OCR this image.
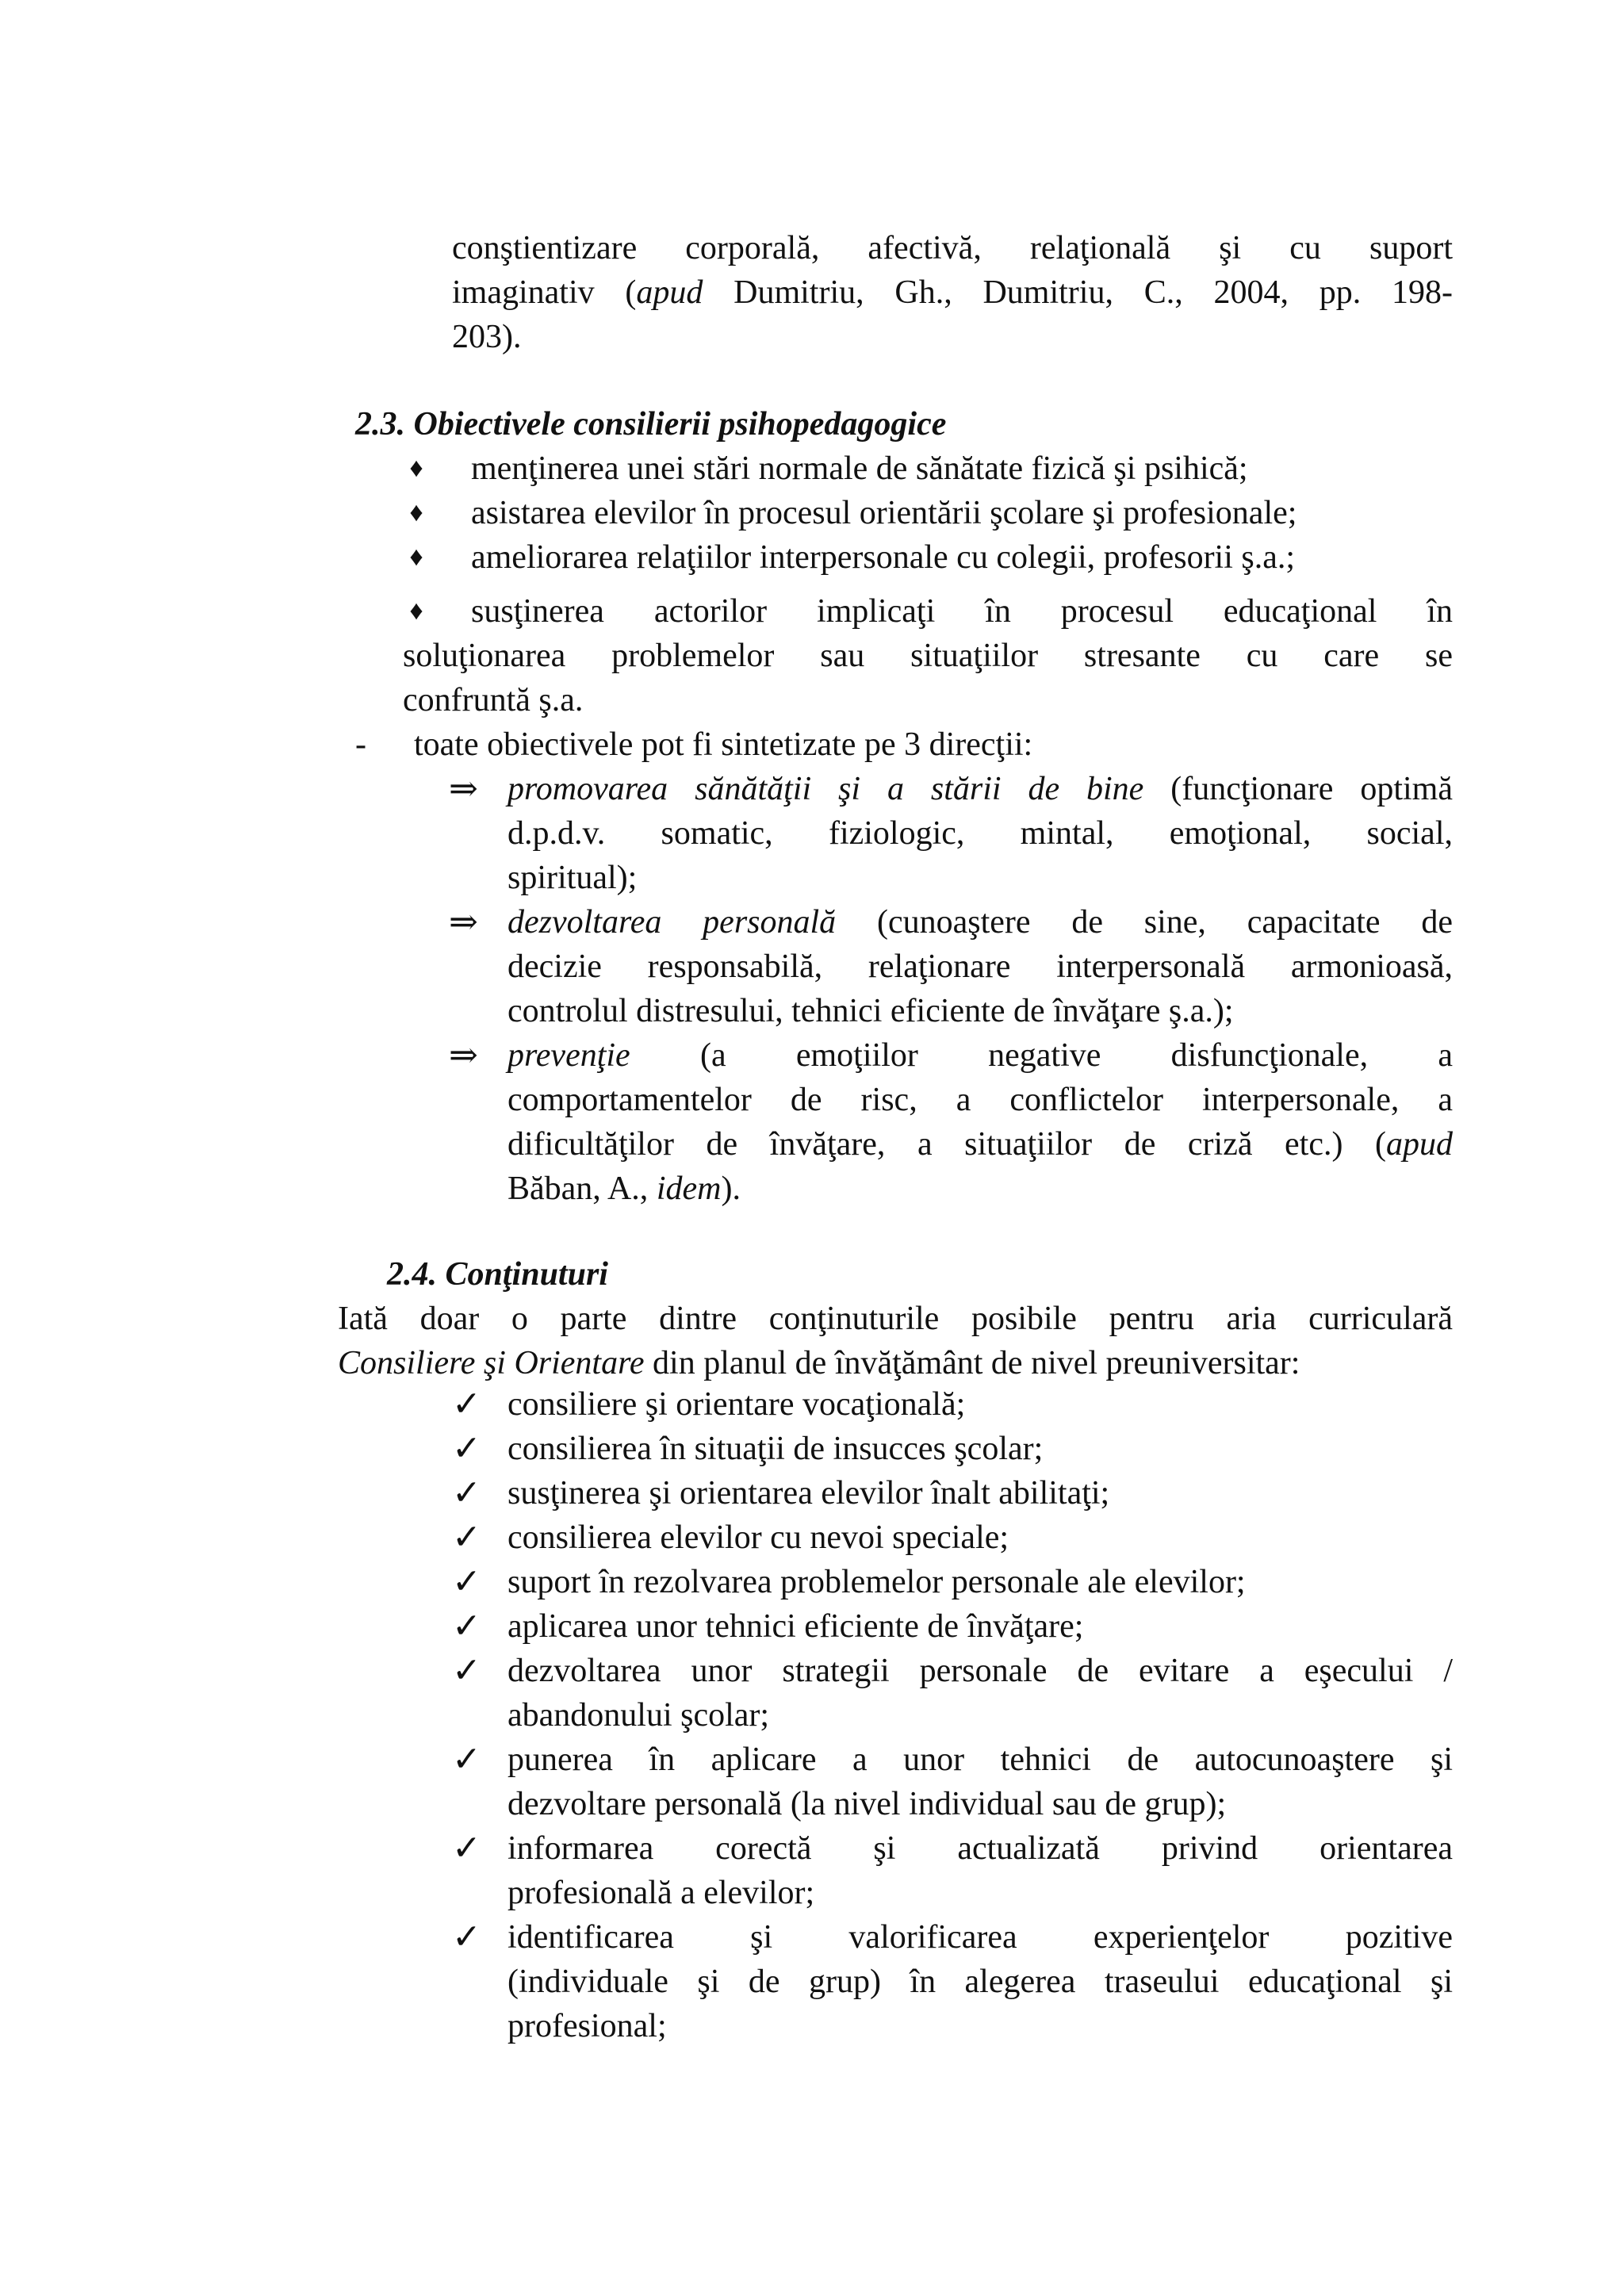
conştientizare corporală, afectivă, relaţională şi cu suport
imaginativ (apud Dumitriu, Gh., Dumitriu, C., 2004, pp. 198-
203).
2.3. Obiectivele consilierii psihopedagogice
♦ menţinerea unei stări normale de sănătate fizică şi psihică;
♦ asistarea elevilor în procesul orientării şcolare şi profesionale;
♦ ameliorarea relaţiilor interpersonale cu colegii, profesorii ş.a.;
♦ susţinerea actorilor implicaţi în procesul educaţional în
soluţionarea problemelor sau situaţiilor stresante cu care se
confruntă ş.a.
- toate obiectivele pot fi sintetizate pe 3 direcţii:
⇒ promovarea sănătăţii şi a stării de bine (funcţionare optimă
d.p.d.v. somatic, fiziologic, mintal, emoţional, social,
spiritual);
⇒ dezvoltarea personală (cunoaştere de sine, capacitate de
decizie responsabilă, relaţionare interpersonală armonioasă,
controlul distresului, tehnici eficiente de învăţare ş.a.);
⇒ prevenţie (a emoţiilor negative disfuncţionale, a
comportamentelor de risc, a conflictelor interpersonale, a
dificultăţilor de învăţare, a situaţiilor de criză etc.) (apud
Băban, A., idem).
2.4. Conţinuturi
Iată doar o parte dintre conţinuturile posibile pentru aria curriculară
Consiliere şi Orientare din planul de învăţământ de nivel preuniversitar:
✓ consiliere şi orientare vocaţională;
✓ consilierea în situaţii de insucces şcolar;
✓ susţinerea şi orientarea elevilor înalt abilitaţi;
✓ consilierea elevilor cu nevoi speciale;
✓ suport în rezolvarea problemelor personale ale elevilor;
✓ aplicarea unor tehnici eficiente de învăţare;
✓ dezvoltarea unor strategii personale de evitare a eşecului /
abandonului şcolar;
✓ punerea în aplicare a unor tehnici de autocunoaştere şi
dezvoltare personală (la nivel individual sau de grup);
✓ informarea corectă şi actualizată privind orientarea
profesională a elevilor;
✓ identificarea şi valorificarea experienţelor pozitive
(individuale şi de grup) în alegerea traseului educaţional şi
profesional;
